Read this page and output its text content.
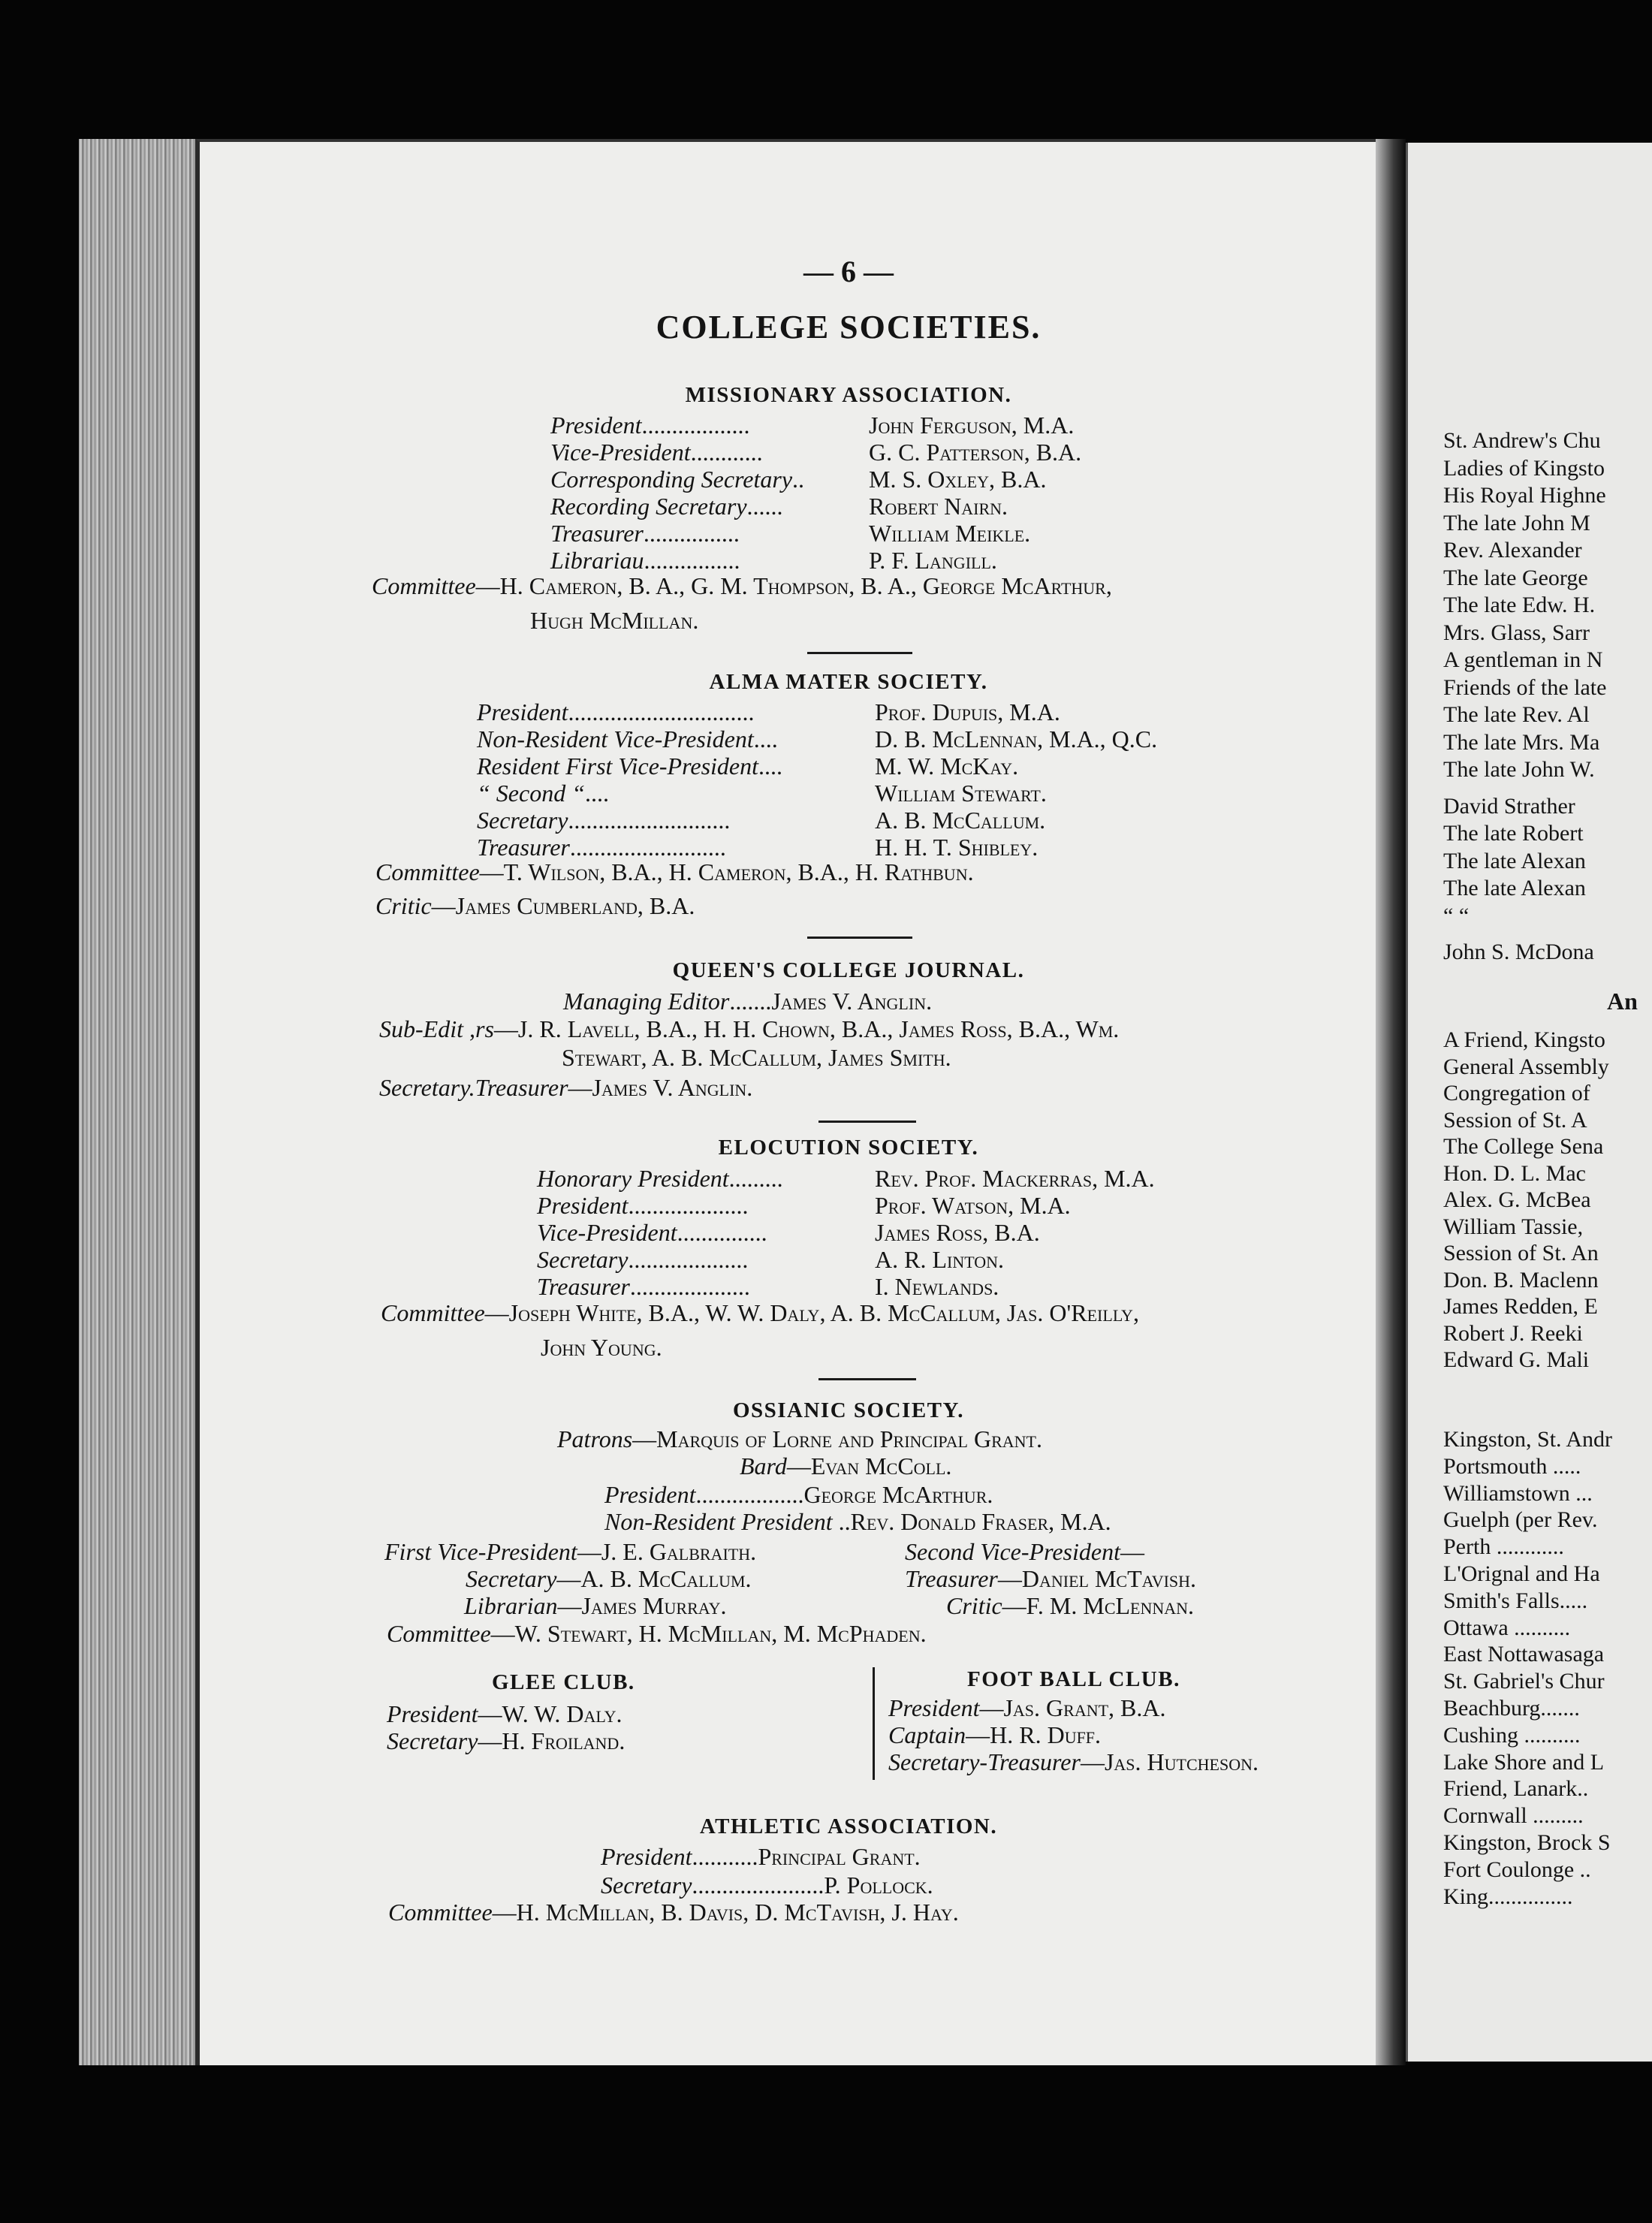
— 6 —
COLLEGE SOCIETIES.
MISSIONARY ASSOCIATION.
President..................	John Ferguson, M.A.
Vice-President............	G. C. Patterson, B.A.
Corresponding Secretary..	M. S. Oxley, B.A.
Recording Secretary......	Robert Nairn.
Treasurer................	William Meikle.
Librariau................	P. F. Langill.
Committee—H. Cameron, B. A., G. M. Thompson, B. A., George McArthur,
Hugh McMillan.
ALMA MATER SOCIETY.
President...............................	Prof. Dupuis, M.A.
Non-Resident Vice-President....	D. B. McLennan, M.A., Q.C.
Resident First Vice-President....	M. W. McKay.
“ Second “....	William Stewart.
Secretary...........................	A. B. McCallum.
Treasurer..........................	H. H. T. Shibley.
Committee—T. Wilson, B.A., H. Cameron, B.A., H. Rathbun.
Critic—James Cumberland, B.A.
QUEEN'S COLLEGE JOURNAL.
Managing Editor.......James V. Anglin.
Sub-Edit ,rs—J. R. Lavell, B.A., H. H. Chown, B.A., James Ross, B.A., Wm.
Stewart, A. B. McCallum, James Smith.
Secretary.Treasurer—James V. Anglin.
ELOCUTION SOCIETY.
Honorary President.........	Rev. Prof. Mackerras, M.A.
President....................	Prof. Watson, M.A.
Vice-President...............	James Ross, B.A.
Secretary....................	A. R. Linton.
Treasurer....................	I. Newlands.
Committee—Joseph White, B.A., W. W. Daly, A. B. McCallum, Jas. O'Reilly,
John Young.
OSSIANIC SOCIETY.
Patrons—Marquis of Lorne and Principal Grant.
Bard—Evan McColl.
President..................George McArthur.
Non-Resident President ..Rev. Donald Fraser, M.A.
First Vice-President—J. E. Galbraith.	Second Vice-President—
Secretary—A. B. McCallum.	Treasurer—Daniel McTavish.
Librarian—James Murray.	Critic—F. M. McLennan.
Committee—W. Stewart, H. McMillan, M. McPhaden.
GLEE CLUB.
President—W. W. Daly.
Secretary—H. Froiland.
FOOT BALL CLUB.
President—Jas. Grant, B.A.
Captain—H. R. Duff.
Secretary-Treasurer—Jas. Hutcheson.
ATHLETIC ASSOCIATION.
President...........Principal Grant.
Secretary......................P. Pollock.
Committee—H. McMillan, B. Davis, D. McTavish, J. Hay.
St. Andrew's Chu
Ladies of Kingsto
His Royal Highne
The late John M
Rev. Alexander
The late George
The late Edw. H.
Mrs. Glass, Sarr
A gentleman in N
Friends of the late
The late Rev. Al
The late Mrs. Ma
The late John W.
David Strather
The late Robert
The late Alexan
The late Alexan
“ “
John S. McDona
An
A Friend, Kingsto
General Assembly
Congregation of
Session of St. A
The College Sena
Hon. D. L. Mac
Alex. G. McBea
William Tassie,
Session of St. An
Don. B. Maclenn
James Redden, E
Robert J. Reeki
Edward G. Mali
Kingston, St. Andr
Portsmouth .....
Williamstown ...
Guelph (per Rev.
Perth ............
L'Orignal and Ha
Smith's Falls.....
Ottawa ..........
East Nottawasaga
St. Gabriel's Chur
Beachburg.......
Cushing ..........
Lake Shore and L
Friend, Lanark..
Cornwall .........
Kingston, Brock S
Fort Coulonge ..
King...............
